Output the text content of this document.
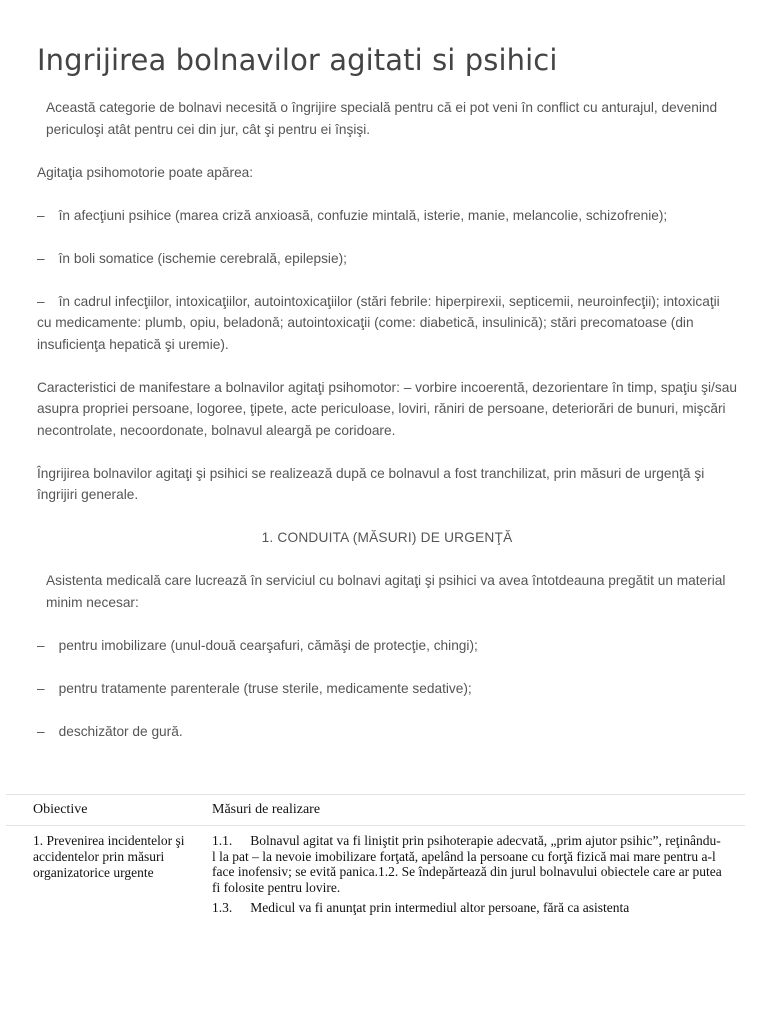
Ingrijirea bolnavilor agitati si psihici

Această categorie de bolnavi necesită o îngrijire specială pentru că ei pot veni în conflict cu anturajul, devenind periculoşi atât pentru cei din jur, cât şi pentru ei înşişi.

Agitaţia psihomotorie poate apărea:

– în afecţiuni psihice (marea criză anxioasă, confuzie mintală, isterie, manie, melancolie, schizofrenie);

– în boli somatice (ischemie cerebrală, epilepsie);

– în cadrul infecţiilor, intoxicaţiilor, autointoxicaţiilor (stări febrile: hiperpirexii, septicemii, neuroinfecţii); intoxicaţii cu medicamente: plumb, opiu, beladonă; autointoxicaţii (come: diabetică, insulinică); stări precomatoase (din insuficienţa hepatică şi uremie).

Caracteristici de manifestare a bolnavilor agitaţi psihomotor: – vorbire incoerentă, dezorientare în timp, spaţiu şi/sau asupra propriei persoane, logoree, ţipete, acte periculoase, loviri, răniri de persoane, deteriorări de bunuri, mişcări necontrolate, necoordonate, bolnavul aleargă pe coridoare.

Îngrijirea bolnavilor agitaţi şi psihici se realizează după ce bolnavul a fost tranchilizat, prin măsuri de urgenţă şi îngrijiri generale.

1. CONDUITA (MĂSURI) DE URGENŢĂ

Asistenta medicală care lucrează în serviciul cu bolnavi agitaţi şi psihici va avea întotdeauna pregătit un material minim necesar:

– pentru imobilizare (unul-două cearşafuri, cămăşi de protecţie, chingi);

– pentru tratamente parenterale (truse sterile, medicamente sedative);

– deschizător de gură.

Obiective	Măsuri de realizare
1. Prevenirea incidentelor şi accidentelor prin măsuri organizatorice urgente

1.1. Bolnavul agitat va fi liniştit prin psihoterapie adecvată, „prim ajutor psihic”, reţinându-l la pat – la nevoie imobilizare forţată, apelând la persoane cu forţă fizică mai mare pentru a-l face inofensiv; se evită panica.1.2. Se îndepărtează din jurul bolnavului obiectele care ar putea fi folosite pentru lovire.

1.3. Medicul va fi anunţat prin intermediul altor persoane, fără ca asistenta
